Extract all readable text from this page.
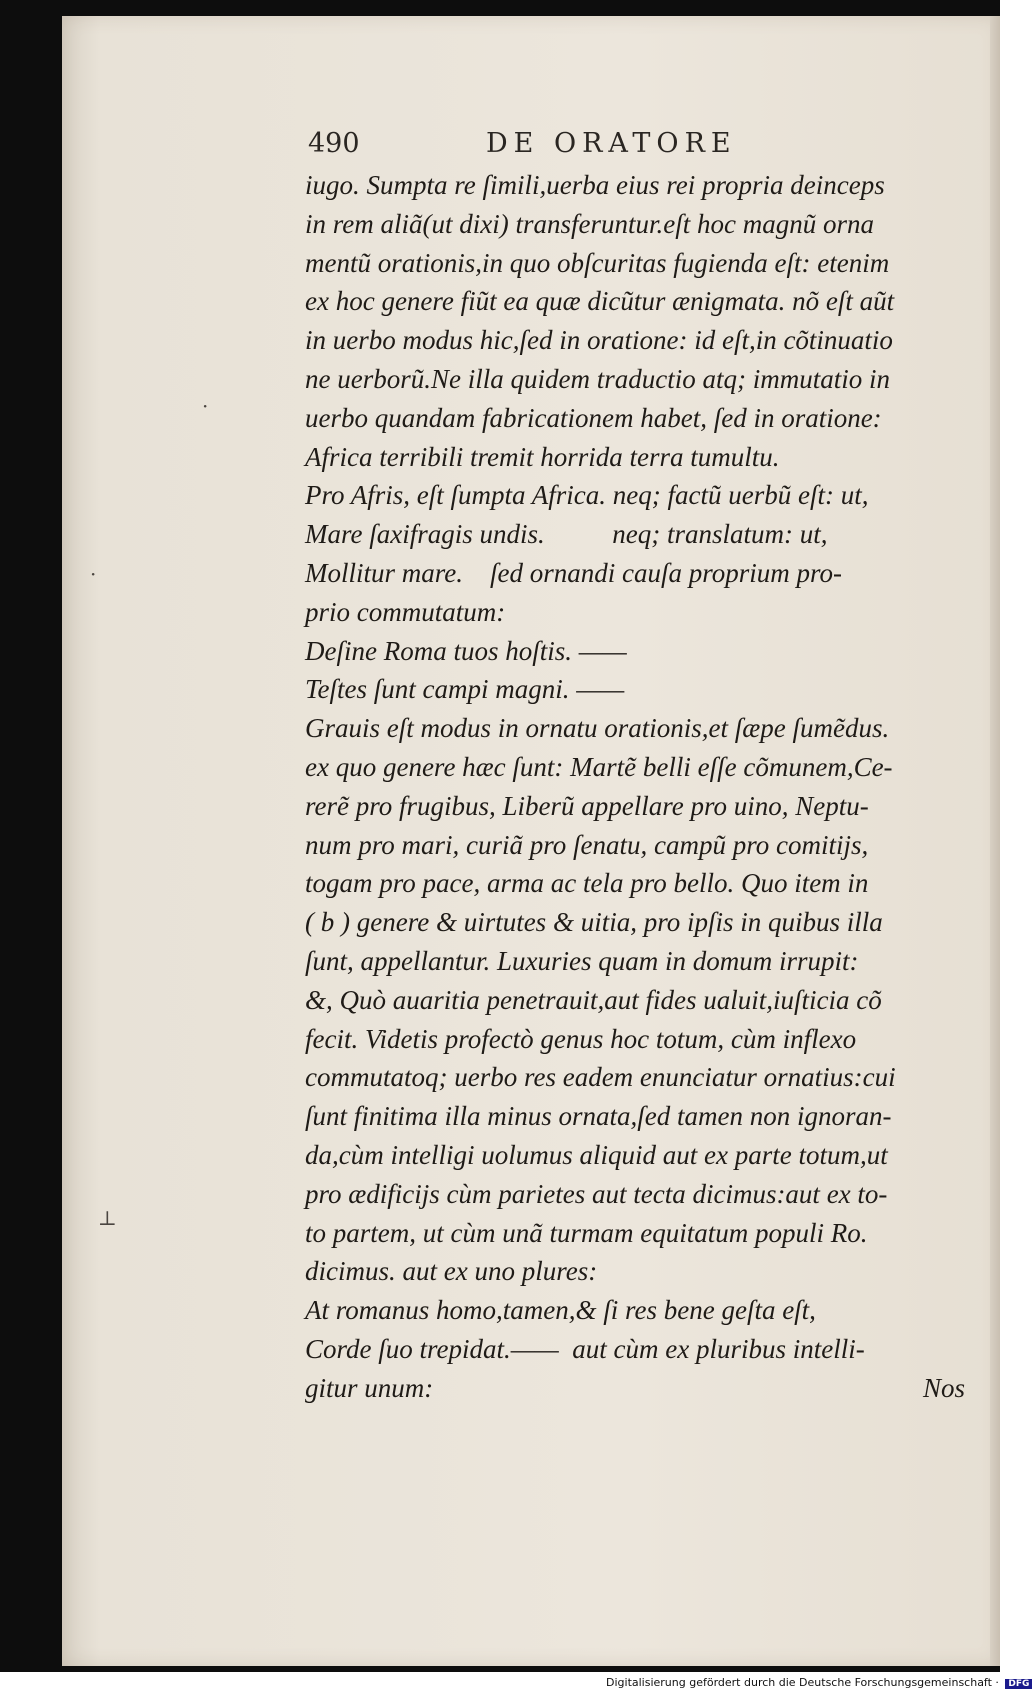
·
·
⊥
490	DE ORATORE
iugo. Sumpta re ſimili,uerba eius rei propria deinceps
in rem aliã(ut dixi) transferuntur.eſt hoc magnũ orna
mentũ orationis,in quo obſcuritas fugienda eſt: etenim
ex hoc genere fiũt ea quæ dicũtur ænigmata. nõ eſt aũt
in uerbo modus hic,ſed in oratione: id eſt,in cõtinuatio
ne uerborũ.Ne illa quidem traductio atq; immutatio in
uerbo quandam fabricationem habet, ſed in oratione:
Africa terribili tremit horrida terra tumultu.
Pro Afris, eſt ſumpta Africa. neq; factũ uerbũ eſt: ut,
Mare ſaxifragis undis.          neq; translatum: ut,
Mollitur mare.    ſed ornandi cauſa proprium pro-
prio commutatum:
Deſine Roma tuos hoſtis. ——
Teſtes ſunt campi magni. ——
Grauis eſt modus in ornatu orationis,et ſæpe ſumẽdus.
ex quo genere hæc ſunt: Martẽ belli eſſe cõmunem,Ce-
rerẽ pro frugibus, Liberũ appellare pro uino, Neptu-
num pro mari, curiã pro ſenatu, campũ pro comitijs,
togam pro pace, arma ac tela pro bello. Quo item in
( b ) genere & uirtutes & uitia, pro ipſis in quibus illa
ſunt, appellantur. Luxuries quam in domum irrupit:
&, Quò auaritia penetrauit,aut fides ualuit,iuſticia cõ
fecit. Videtis profectò genus hoc totum, cùm inflexo
commutatoq; uerbo res eadem enunciatur ornatius:cui
ſunt finitima illa minus ornata,ſed tamen non ignoran-
da,cùm intelligi uolumus aliquid aut ex parte totum,ut
pro ædificijs cùm parietes aut tecta dicimus:aut ex to-
to partem, ut cùm unã turmam equitatum populi Ro.
dicimus. aut ex uno plures:
At romanus homo,tamen,& ſi res bene geſta eſt,
Corde ſuo trepidat.——  aut cùm ex pluribus intelli-
gitur unum:	Nos
Digitalisierung gefördert durch die Deutsche Forschungsgemeinschaft · DFG
